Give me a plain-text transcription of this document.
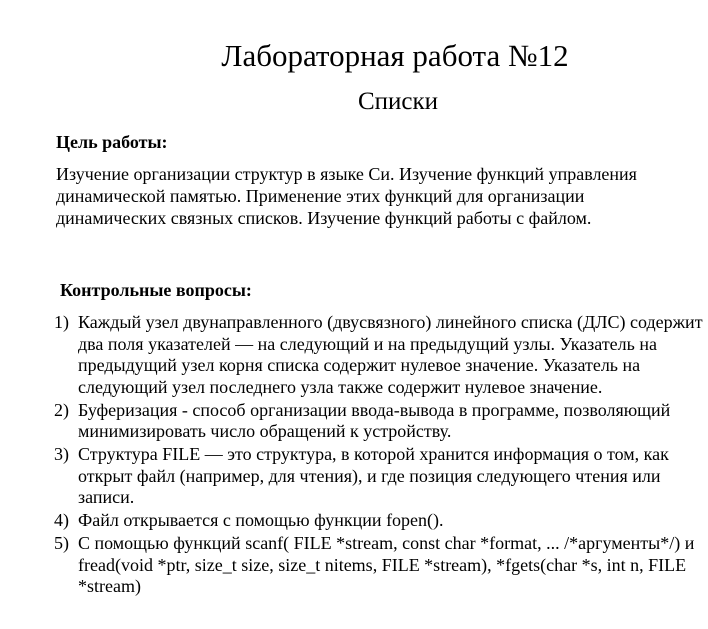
Лабораторная работа №12
Списки
Цель работы:

Изучение организации структур в языке Си. Изучение функций управления динамической памятью. Применение этих функций для организации динамических связных списков. Изучение функций работы с файлом.

Контрольные вопросы:
1) Каждый узел двунаправленного (двусвязного) линейного списка (ДЛС) содержит два поля указателей — на следующий и на предыдущий узлы. Указатель на предыдущий узел корня списка содержит нулевое значение. Указатель на следующий узел последнего узла также содержит нулевое значение.
2) Буферизация - способ организации ввода-вывода в программе, позволяющий минимизировать число обращений к устройству.
3) Структура FILE — это структура, в которой хранится информация о том, как открыт файл (например, для чтения), и где позиция следующего чтения или записи.
4) Файл открывается с помощью функции fopen().
5) С помощью функций scanf( FILE *stream, const char *format, ... /*аргументы*/) и fread(void *ptr, size_t size, size_t nitems, FILE *stream), *fgets(char *s, int n, FILE *stream)
